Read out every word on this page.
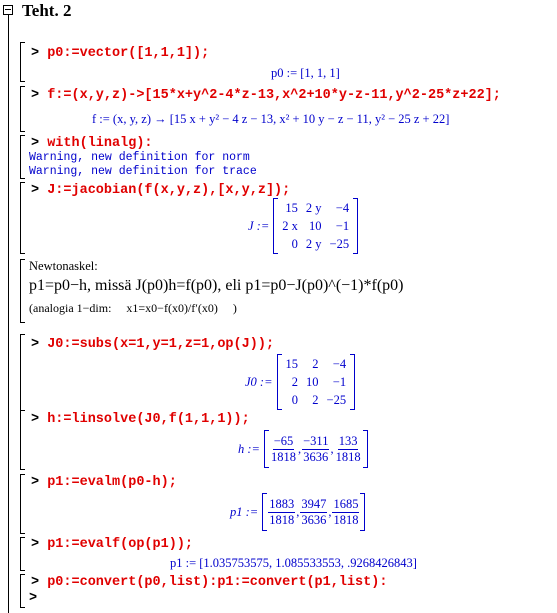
Teht. 2
> p0:=vector([1,1,1]);
p0 := [1, 1, 1]
> f:=(x,y,z)->[15*x+y^2-4*z-13,x^2+10*y-z-11,y^2-25*z+22];
f := (x, y, z) → [15 x + y² − 4 z − 13, x² + 10 y − z − 11, y² − 25 z + 22]
> with(linalg):
Warning, new definition for norm
Warning, new definition for trace
> J:=jacobian(f(x,y,z),[x,y,z]);
J :=
15	2 y	−4
2 x	10	−1
0	2 y	−25
Newtonaskel:
p1=p0−h, missä J(p0)h=f(p0), eli p1=p0−J(p0)^(−1)*f(p0)
(analogia 1−dim:     x1=x0−f(x0)/f′(x0)     )
> J0:=subs(x=1,y=1,z=1,op(J));
J0 :=
15	2	−4
2	10	−1
0	2	−25
> h:=linsolve(J0,f(1,1,1));
h := $\frac{-65}{1818}$ , $\frac{-311}{3636}$ , $\frac{133}{1818}$
> p1:=evalm(p0-h);
p1 := $\frac{1883}{1818}$ , $\frac{3947}{3636}$ , $\frac{1685}{1818}$
> p1:=evalf(op(p1));
p1 := [1.035753575, 1.085533553, .9268426843]
> p0:=convert(p0,list):p1:=convert(p1,list):
>
